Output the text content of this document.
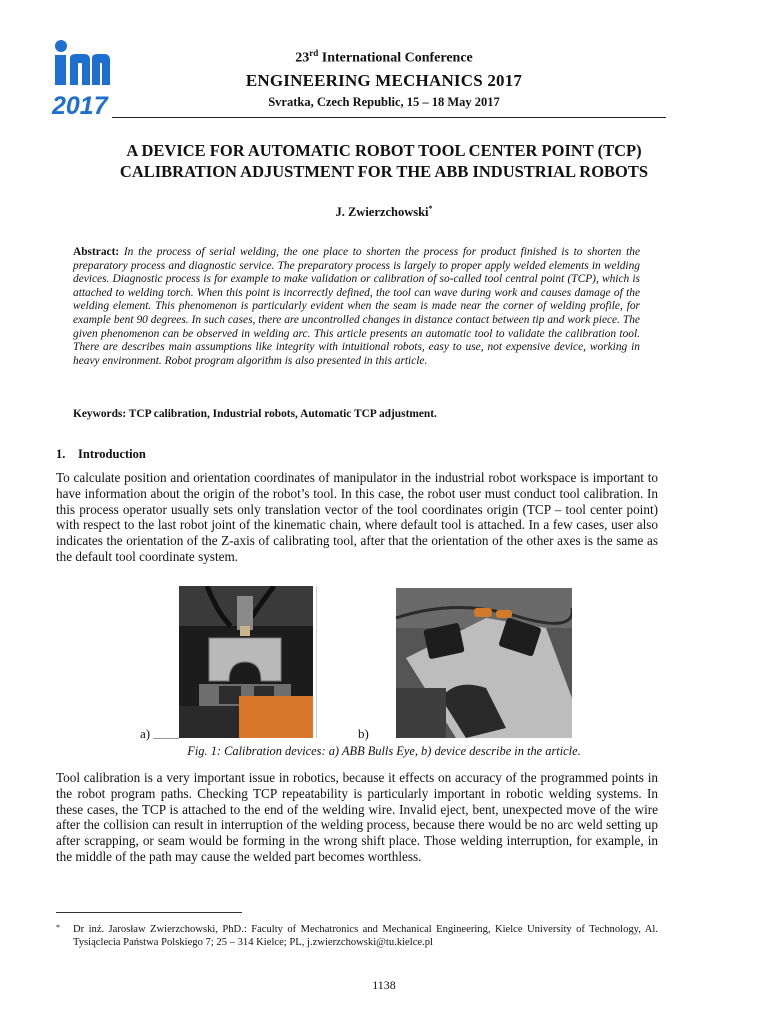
2017
23rd International Conference
ENGINEERING MECHANICS 2017
Svratka, Czech Republic, 15 – 18 May 2017
A DEVICE FOR AUTOMATIC ROBOT TOOL CENTER POINT (TCP)
CALIBRATION ADJUSTMENT FOR THE ABB INDUSTRIAL ROBOTS
J. Zwierzchowski*
Abstract: In the process of serial welding, the one place to shorten the process for product finished is to shorten the preparatory process and diagnostic service. The preparatory process is largely to proper apply welded elements in welding devices. Diagnostic process is for example to make validation or calibration of so-called tool central point (TCP), which is attached to welding torch. When this point is incorrectly defined, the tool can wave during work and causes damage of the welding element. This phenomenon is particularly evident when the seam is made near the corner of welding profile, for example bent 90 degrees. In such cases, there are uncontrolled changes in distance contact between tip and work piece. The given phenomenon can be observed in welding arc. This article presents an automatic tool to validate the calibration tool. There are describes main assumptions like integrity with intuitional robots, easy to use, not expensive device, working in heavy environment. Robot program algorithm is also presented in this article.
Keywords: TCP calibration, Industrial robots, Automatic TCP adjustment.
1. Introduction
To calculate position and orientation coordinates of manipulator in the industrial robot workspace is important to have information about the origin of the robot’s tool. In this case, the robot user must conduct tool calibration. In this process operator usually sets only translation vector of the tool coordinates origin (TCP – tool center point) with respect to the last robot joint of the kinematic chain, where default tool is attached. In a few cases, user also indicates the orientation of the Z-axis of calibrating tool, after that the orientation of the other axes is the same as the default tool coordinate system.
a)	b)
Fig. 1: Calibration devices: a) ABB Bulls Eye, b) device describe in the article.
Tool calibration is a very important issue in robotics, because it effects on accuracy of the programmed points in the robot program paths. Checking TCP repeatability is particularly important in robotic welding systems. In these cases, the TCP is attached to the end of the welding wire. Invalid eject, bent, unexpected move of the wire after the collision can result in interruption of the welding process, because there would be no arc weld setting up after scrapping, or seam would be forming in the wrong shift place. Those welding interruption, for example, in the middle of the path may cause the welded part becomes worthless.
*	Dr inż. Jarosław Zwierzchowski, PhD.: Faculty of Mechatronics and Mechanical Engineering, Kielce University of Technology, Al. Tysiąclecia Państwa Polskiego 7; 25 – 314 Kielce; PL, j.zwierzchowski@tu.kielce.pl
1138
